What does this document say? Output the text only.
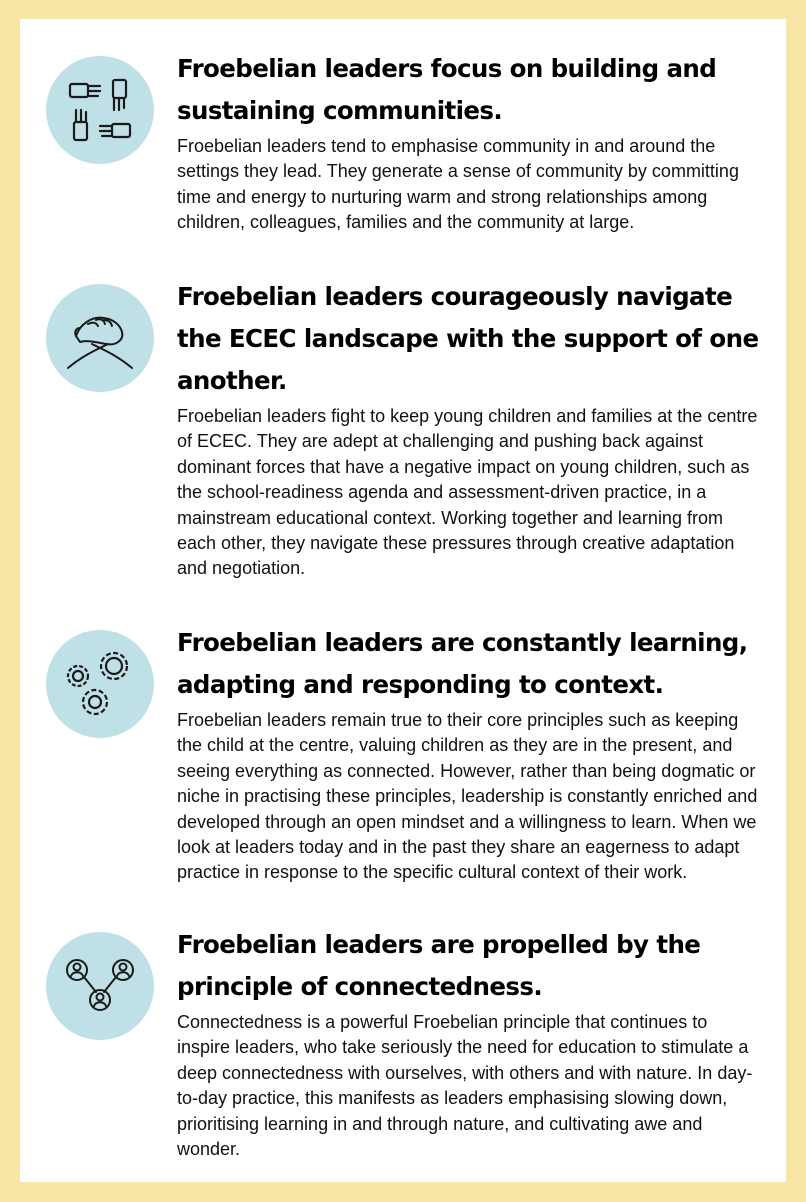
Froebelian leaders focus on building and sustaining communities.

Froebelian leaders tend to emphasise community in and around the settings they lead. They generate a sense of community by committing time and energy to nurturing warm and strong relationships among children, colleagues, families and the community at large.

Froebelian leaders courageously navigate the ECEC landscape with the support of one another.

Froebelian leaders fight to keep young children and families at the centre of ECEC. They are adept at challenging and pushing back against dominant forces that have a negative impact on young children, such as the school-readiness agenda and assessment-driven practice, in a mainstream educational context. Working together and learning from each other, they navigate these pressures through creative adaptation and negotiation.

Froebelian leaders are constantly learning, adapting and responding to context.

Froebelian leaders remain true to their core principles such as keeping the child at the centre, valuing children as they are in the present, and seeing everything as connected. However, rather than being dogmatic or niche in practising these principles, leadership is constantly enriched and developed through an open mindset and a willingness to learn. When we look at leaders today and in the past they share an eagerness to adapt practice in response to the specific cultural context of their work.

Froebelian leaders are propelled by the principle of connectedness.

Connectedness is a powerful Froebelian principle that continues to inspire leaders, who take seriously the need for education to stimulate a deep connectedness with ourselves, with others and with nature. In day-to-day practice, this manifests as leaders emphasising slowing down, prioritising learning in and through nature, and cultivating awe and wonder.
